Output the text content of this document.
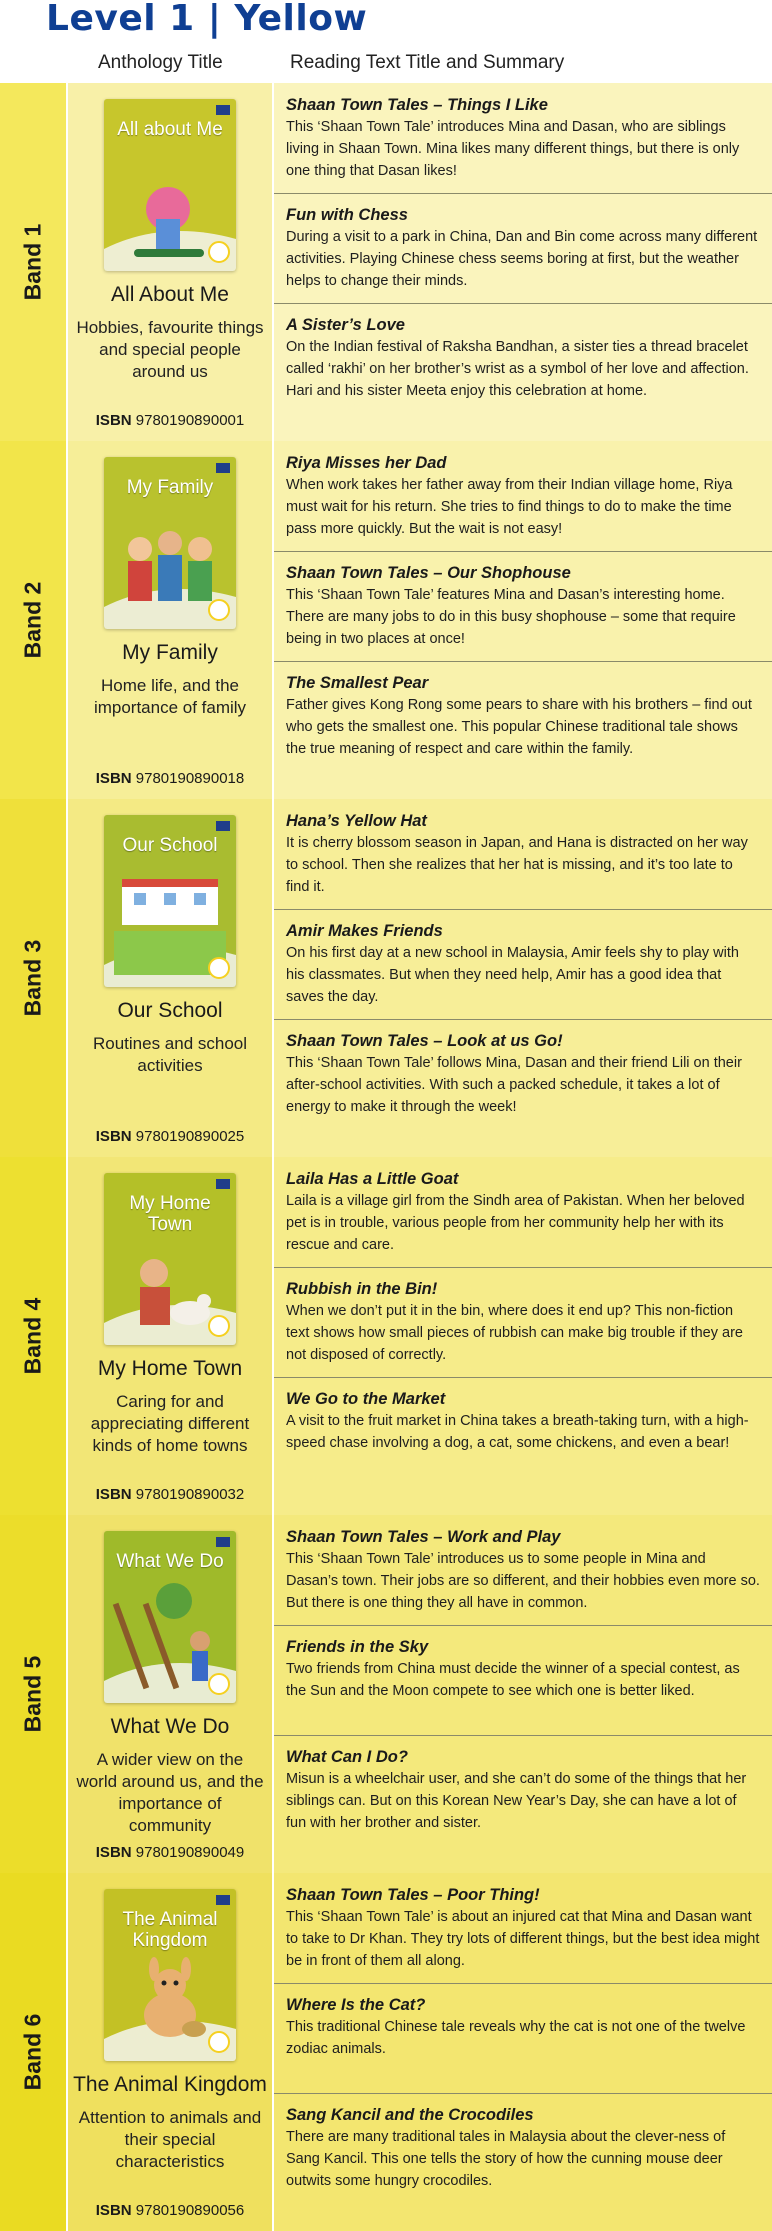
Level 1 | Yellow
Anthology Title	Reading Text Title and Summary
Band 1
All about Me
All About Me
Hobbies, favourite things and special people around us
ISBN 9780190890001
Shaan Town Tales – Things I Like
This ‘Shaan Town Tale’ introduces Mina and Dasan, who are siblings living in Shaan Town. Mina likes many different things, but there is only one thing that Dasan likes!
Fun with Chess
During a visit to a park in China, Dan and Bin come across many different activities. Playing Chinese chess seems boring at first, but the weather helps to change their minds.
A Sister’s Love
On the Indian festival of Raksha Bandhan, a sister ties a thread bracelet called ‘rakhi’ on her brother’s wrist as a symbol of her love and affection. Hari and his sister Meeta enjoy this celebration at home.
Band 2
My Family
My Family
Home life, and the importance of family
ISBN 9780190890018
Riya Misses her Dad
When work takes her father away from their Indian village home, Riya must wait for his return. She tries to find things to do to make the time pass more quickly. But the wait is not easy!
Shaan Town Tales – Our Shophouse
This ‘Shaan Town Tale’ features Mina and Dasan’s interesting home. There are many jobs to do in this busy shophouse – some that require being in two places at once!
The Smallest Pear
Father gives Kong Rong some pears to share with his brothers – find out who gets the smallest one. This popular Chinese traditional tale shows the true meaning of respect and care within the family.
Band 3
Our School
Our School
Routines and school activities
ISBN 9780190890025
Hana’s Yellow Hat
It is cherry blossom season in Japan, and Hana is distracted on her way to school. Then she realizes that her hat is missing, and it’s too late to find it.
Amir Makes Friends
On his first day at a new school in Malaysia, Amir feels shy to play with his classmates. But when they need help, Amir has a good idea that saves the day.
Shaan Town Tales – Look at us Go!
This ‘Shaan Town Tale’ follows Mina, Dasan and their friend Lili on their after-school activities. With such a packed schedule, it takes a lot of energy to make it through the week!
Band 4
My Home Town
My Home Town
Caring for and appreciating different kinds of home towns
ISBN 9780190890032
Laila Has a Little Goat
Laila is a village girl from the Sindh area of Pakistan. When her beloved pet is in trouble, various people from her community help her with its rescue and care.
Rubbish in the Bin!
When we don’t put it in the bin, where does it end up? This non-fiction text shows how small pieces of rubbish can make big trouble if they are not disposed of correctly.
We Go to the Market
A visit to the fruit market in China takes a breath-taking turn, with a high-speed chase involving a dog, a cat, some chickens, and even a bear!
Band 5
What We Do
What We Do
A wider view on the world around us, and the importance of community
ISBN 9780190890049
Shaan Town Tales – Work and Play
This ‘Shaan Town Tale’ introduces us to some people in Mina and Dasan’s town. Their jobs are so different, and their hobbies even more so. But there is one thing they all have in common.
Friends in the Sky
Two friends from China must decide the winner of a special contest, as the Sun and the Moon compete to see which one is better liked.
What Can I Do?
Misun is a wheelchair user, and she can’t do some of the things that her siblings can. But on this Korean New Year’s Day, she can have a lot of fun with her brother and sister.
Band 6
The Animal Kingdom
The Animal Kingdom
Attention to animals and their special characteristics
ISBN 9780190890056
Shaan Town Tales – Poor Thing!
This ‘Shaan Town Tale’ is about an injured cat that Mina and Dasan want to take to Dr Khan. They try lots of different things, but the best idea might be in front of them all along.
Where Is the Cat?
This traditional Chinese tale reveals why the cat is not one of the twelve zodiac animals.
Sang Kancil and the Crocodiles
There are many traditional tales in Malaysia about the clever-ness of Sang Kancil. This one tells the story of how the cunning mouse deer outwits some hungry crocodiles.
